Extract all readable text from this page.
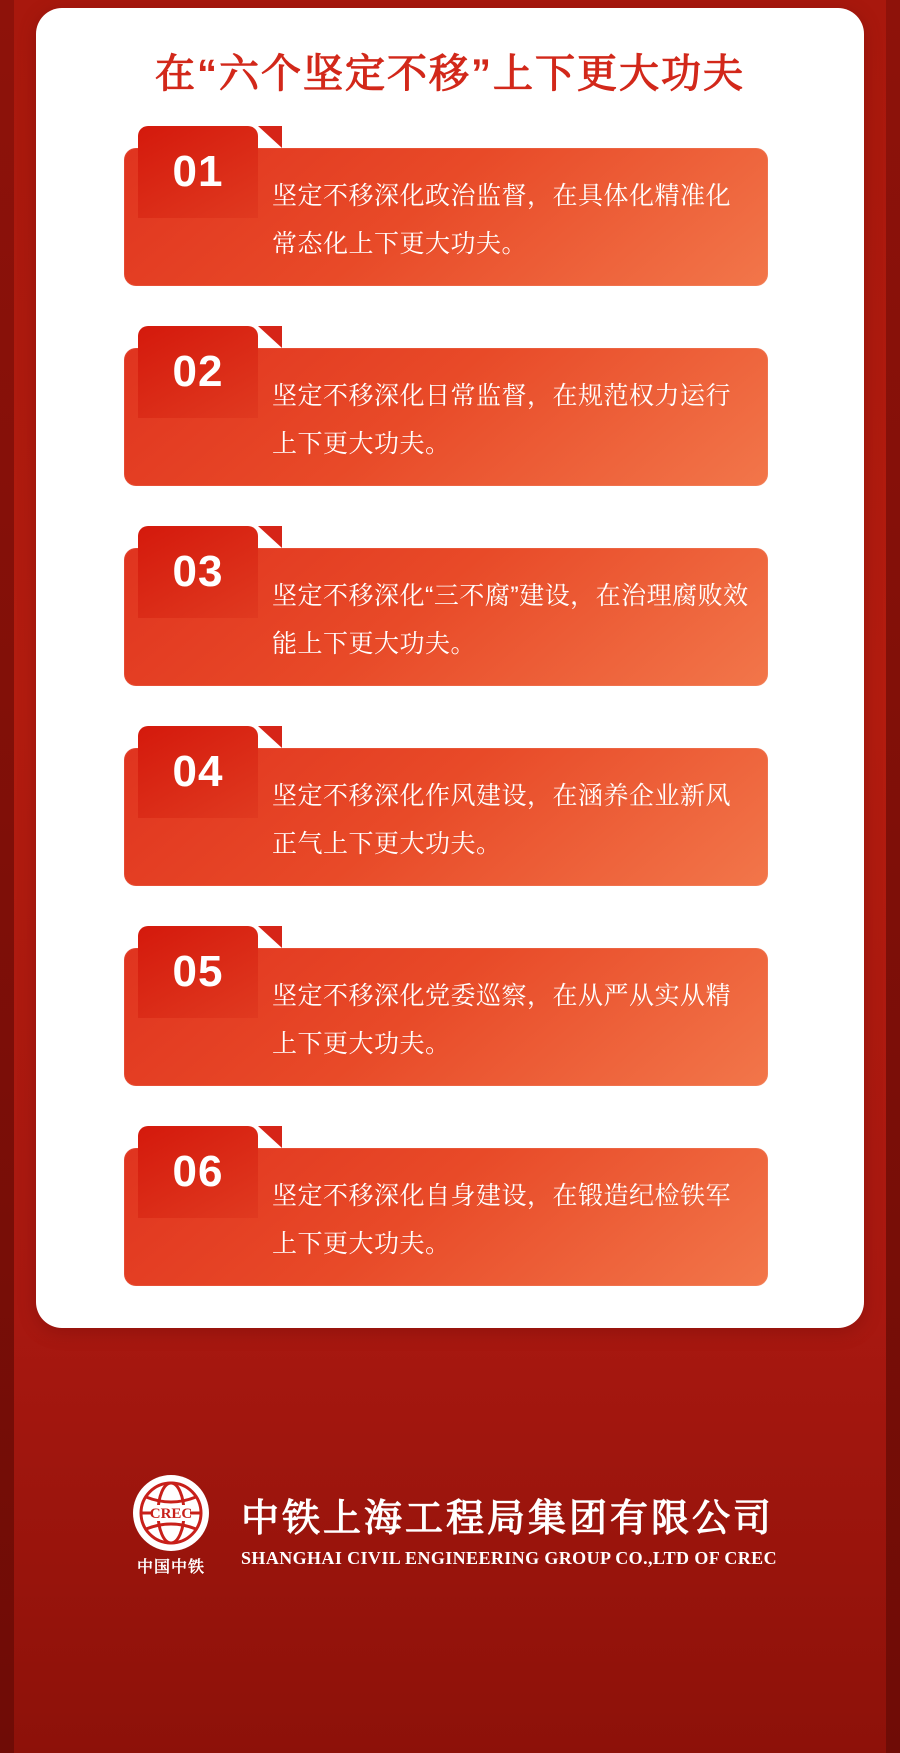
在“六个坚定不移”上下更大功夫
01	坚定不移深化政治监督，在具体化精准化常态化上下更大功夫。
02	坚定不移深化日常监督，在规范权力运行上下更大功夫。
03	坚定不移深化“三不腐”建设，在治理腐败效能上下更大功夫。
04	坚定不移深化作风建设，在涵养企业新风正气上下更大功夫。
05	坚定不移深化党委巡察，在从严从实从精上下更大功夫。
06	坚定不移深化自身建设，在锻造纪检铁军上下更大功夫。
CREC
中国中铁
中铁上海工程局集团有限公司
SHANGHAI CIVIL ENGINEERING GROUP CO.,LTD OF CREC
